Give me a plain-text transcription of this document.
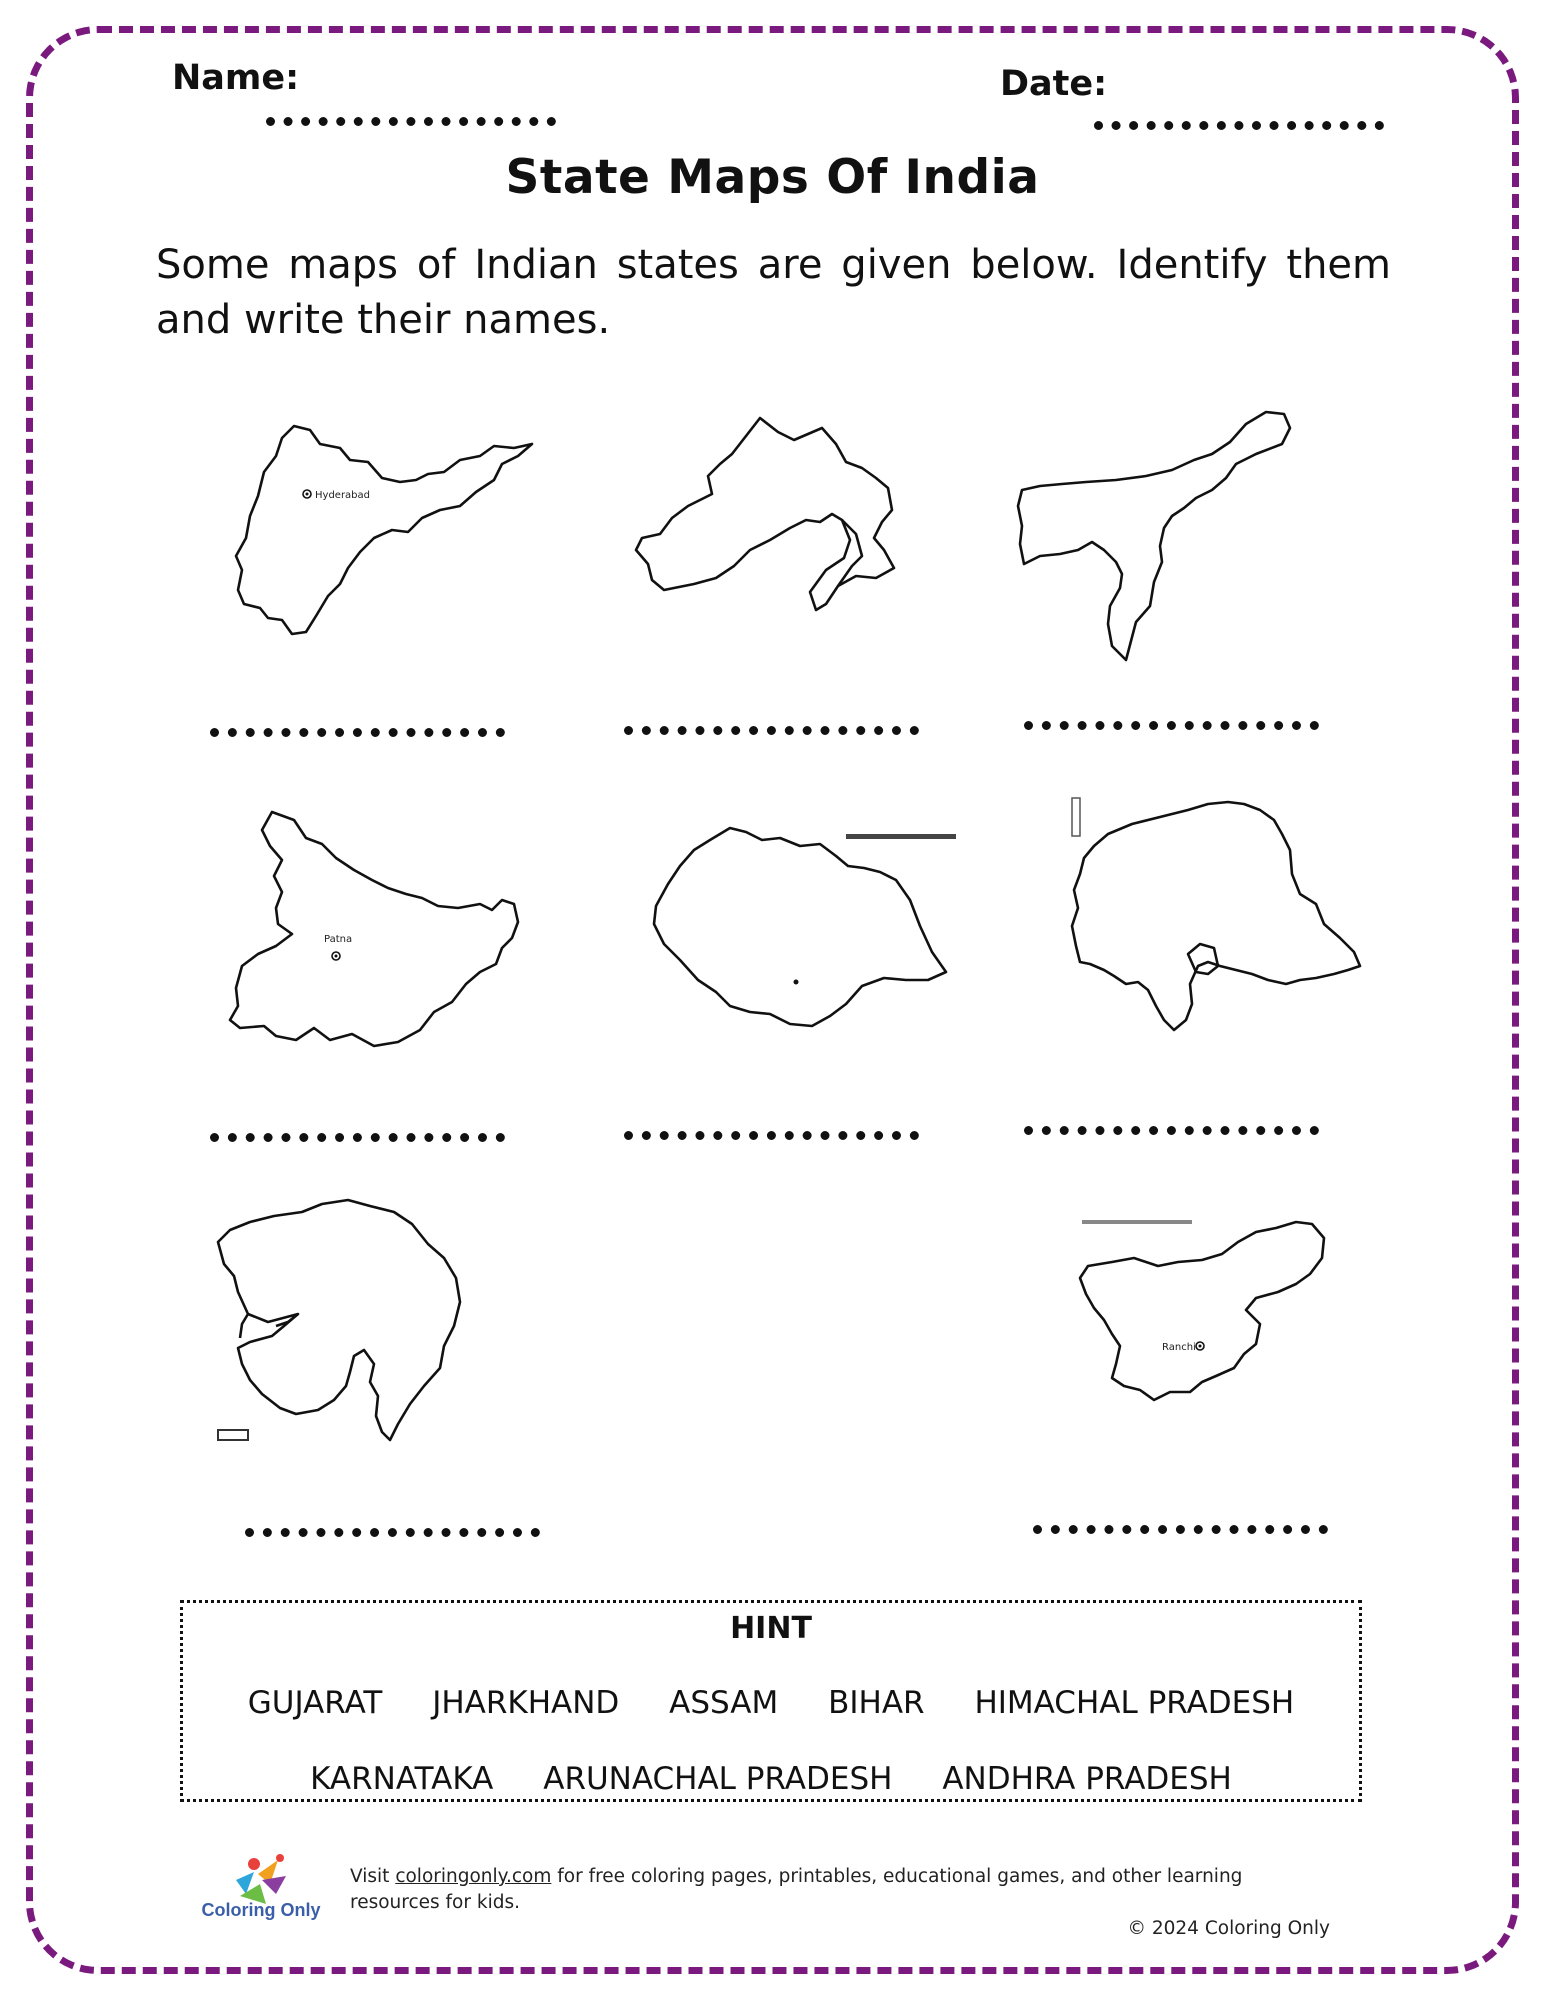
Name:	Date:
State Maps Of India
Some maps of Indian states are given below. Identify them and write their names.
Hyderabad
Patna
Ranchi
HINT
GUJARAT JHARKHAND ASSAM BIHAR HIMACHAL PRADESH
KARNATAKA ARUNACHAL PRADESH ANDHRA PRADESH
Coloring Only
Visit coloringonly.com for free coloring pages, printables, educational games, and other learning resources for kids.
© 2024 Coloring Only
